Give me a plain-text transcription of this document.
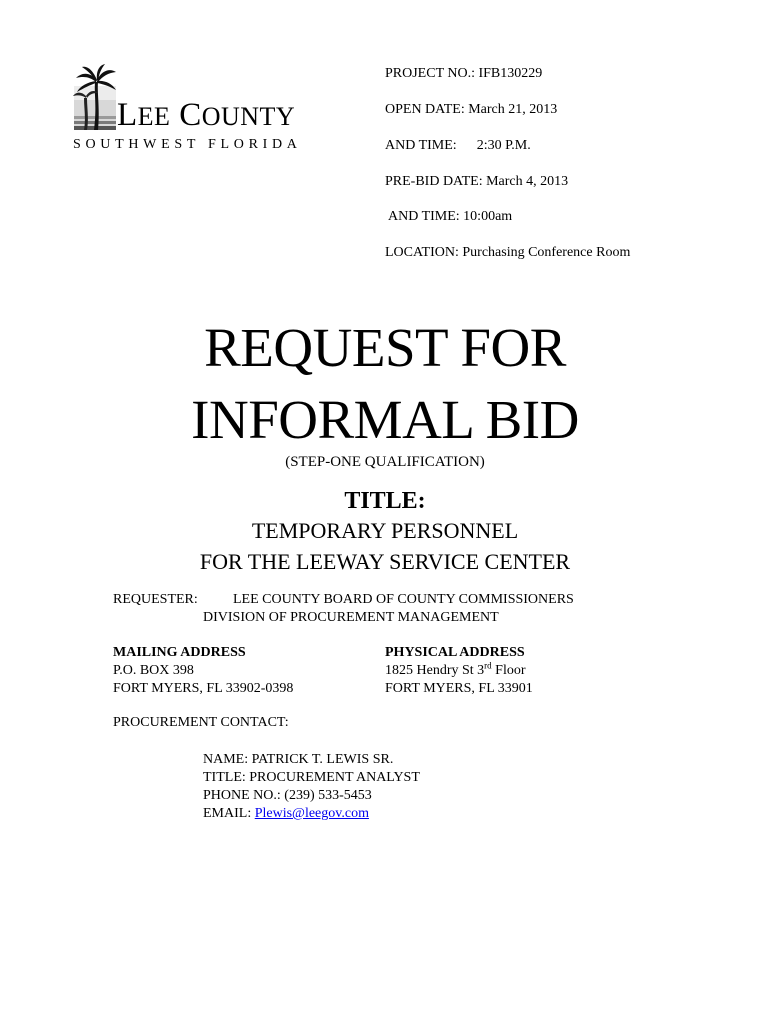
LEE COUNTY
SOUTHWEST FLORIDA
PROJECT NO.: IFB130229
OPEN DATE: March 21, 2013
AND TIME: 2:30 P.M.
PRE-BID DATE: March 4, 2013
AND TIME: 10:00am
LOCATION: Purchasing Conference Room
REQUEST FOR
INFORMAL BID
(STEP-ONE QUALIFICATION)
TITLE:
TEMPORARY PERSONNEL
FOR THE LEEWAY SERVICE CENTER
REQUESTER:	LEE COUNTY BOARD OF COUNTY COMMISSIONERS
DIVISION OF PROCUREMENT MANAGEMENT
MAILING ADDRESS
P.O. BOX 398
FORT MYERS, FL 33902-0398
PHYSICAL ADDRESS
1825 Hendry St 3rd Floor
FORT MYERS, FL 33901
PROCUREMENT CONTACT:
NAME: PATRICK T. LEWIS SR.
TITLE: PROCUREMENT ANALYST
PHONE NO.: (239) 533-5453
EMAIL: Plewis@leegov.com
